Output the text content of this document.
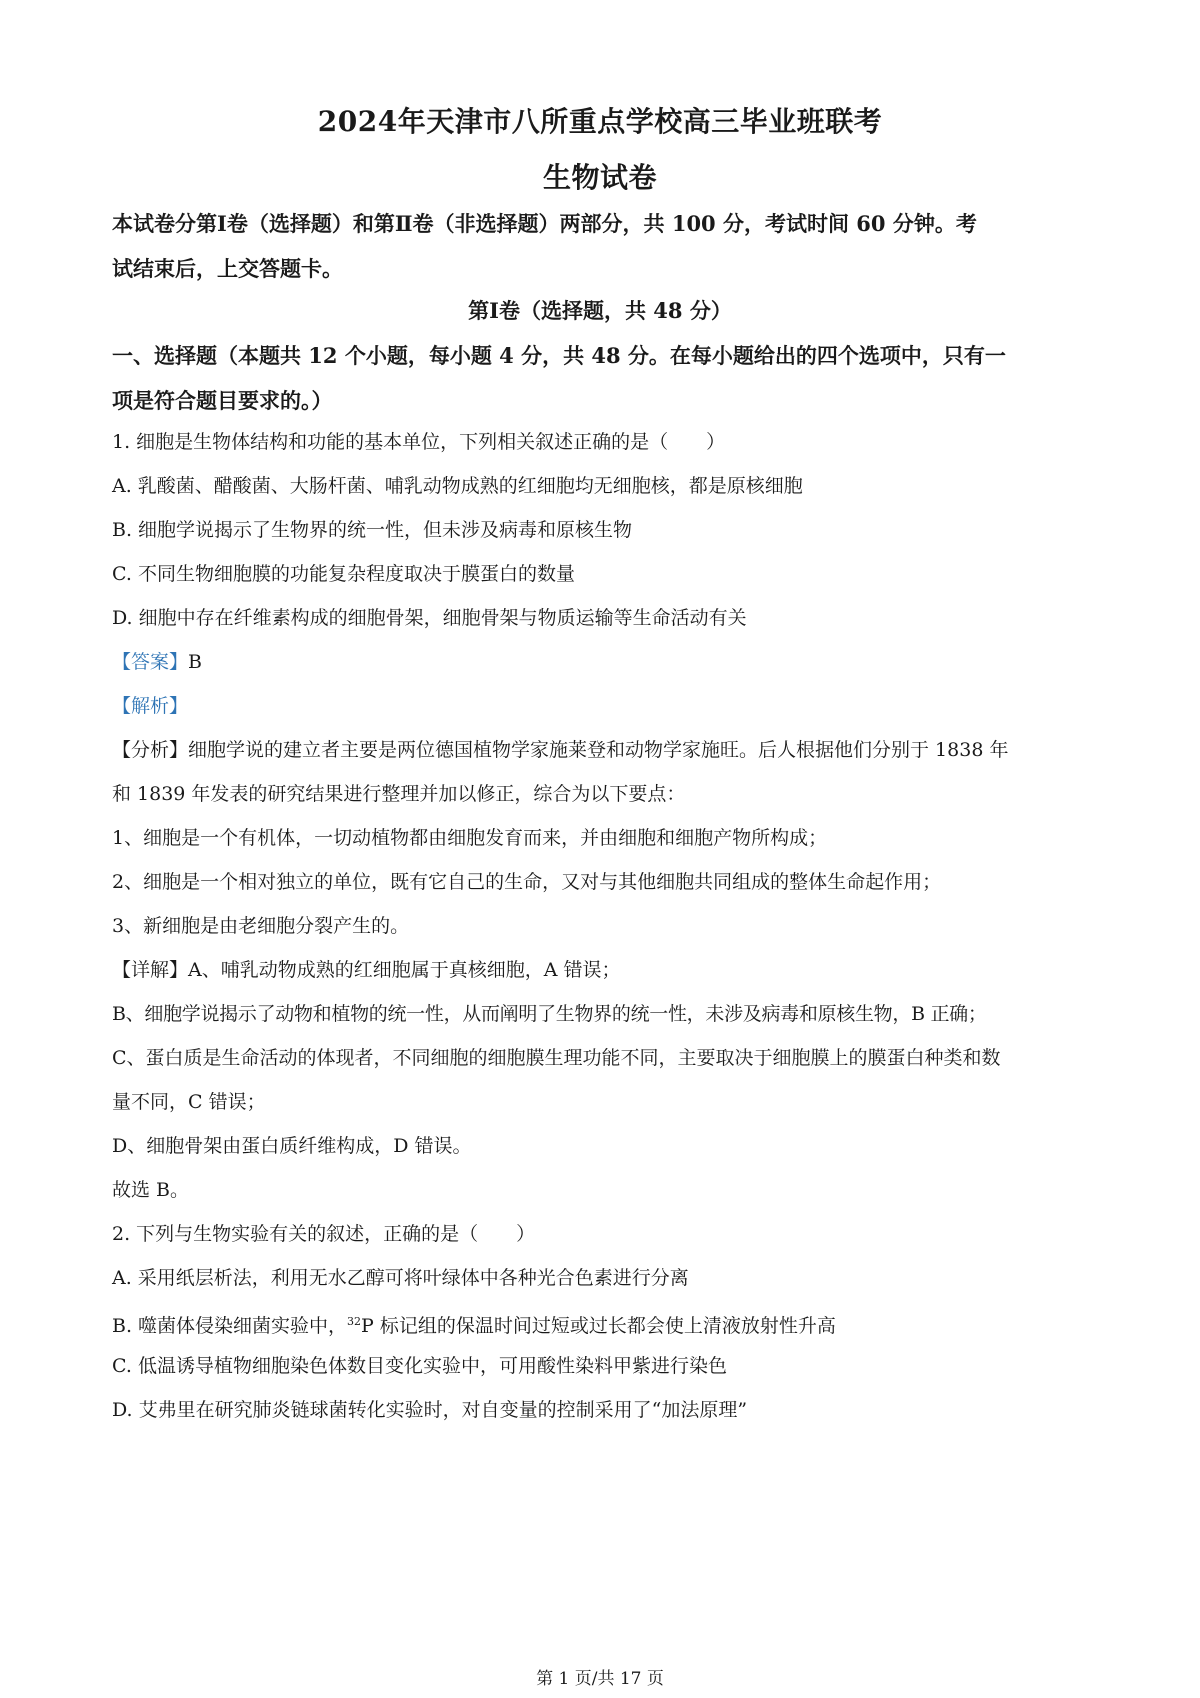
2024年天津市八所重点学校高三毕业班联考
生物试卷
本试卷分第Ⅰ卷（选择题）和第Ⅱ卷（非选择题）两部分，共 100 分，考试时间 60 分钟。考
试结束后，上交答题卡。
第Ⅰ卷（选择题，共 48 分）
一、选择题（本题共 12 个小题，每小题 4 分，共 48 分。在每小题给出的四个选项中，只有一
项是符合题目要求的。）
1. 细胞是生物体结构和功能的基本单位，下列相关叙述正确的是（　　）
A. 乳酸菌、醋酸菌、大肠杆菌、哺乳动物成熟的红细胞均无细胞核，都是原核细胞
B. 细胞学说揭示了生物界的统一性，但未涉及病毒和原核生物
C. 不同生物细胞膜的功能复杂程度取决于膜蛋白的数量
D. 细胞中存在纤维素构成的细胞骨架，细胞骨架与物质运输等生命活动有关
【答案】B
【解析】
【分析】细胞学说的建立者主要是两位德国植物学家施莱登和动物学家施旺。后人根据他们分别于 1838 年
和 1839 年发表的研究结果进行整理并加以修正，综合为以下要点：
1、细胞是一个有机体，一切动植物都由细胞发育而来，并由细胞和细胞产物所构成；
2、细胞是一个相对独立的单位，既有它自己的生命，又对与其他细胞共同组成的整体生命起作用；
3、新细胞是由老细胞分裂产生的。
【详解】A、哺乳动物成熟的红细胞属于真核细胞，A 错误；
B、细胞学说揭示了动物和植物的统一性，从而阐明了生物界的统一性，未涉及病毒和原核生物，B 正确；
C、蛋白质是生命活动的体现者，不同细胞的细胞膜生理功能不同，主要取决于细胞膜上的膜蛋白种类和数
量不同，C 错误；
D、细胞骨架由蛋白质纤维构成，D 错误。
故选 B。
2. 下列与生物实验有关的叙述，正确的是（　　）
A. 采用纸层析法，利用无水乙醇可将叶绿体中各种光合色素进行分离
B. 噬菌体侵染细菌实验中，$^{32}$P 标记组的保温时间过短或过长都会使上清液放射性升高
C. 低温诱导植物细胞染色体数目变化实验中，可用酸性染料甲紫进行染色
D. 艾弗里在研究肺炎链球菌转化实验时，对自变量的控制采用了“加法原理”
第 1 页/共 17 页
